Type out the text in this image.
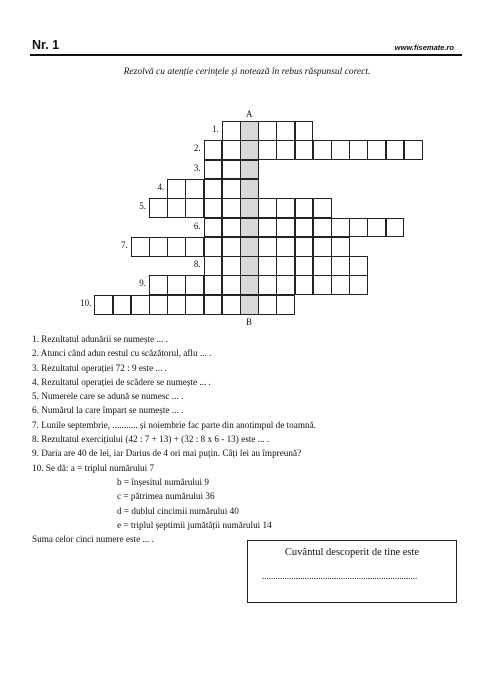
Nr. 1	www.fisemate.ro
Rezolvă cu atenție cerințele și notează în rebus răspunsul corect.
A
B
1.
2.
3.
4.
5.
6.
7.
8.
9.
10.
1. Rezultatul adunării se numește ... .
2. Atunci când adun restul cu scăzătorul, aflu ... .
3. Rezultatul operației 72 : 9 este ... .
4. Rezultatul operației de scădere se numește ... .
5. Numerele care se adună se numesc ... .
6. Numărul la care împart se numește ... .
7. Lunile septembrie, ........... și noiembrie fac parte din anotimpul de toamnă.
8. Rezultatul exercițiului (42 : 7 + 13) + (32 : 8 x 6 - 13) este ... .
9. Daria are 40 de lei, iar Darius de 4 ori mai puțin. Câți lei au împreună?
10. Se dă: a = triplul numărului 7
b = înșesitul numărului 9
c = pătrimea numărului 36
d = dublul cincimii numărului 40
e = triplul șeptimii jumătății numărului 14
Suma celor cinci numere este ... .
Cuvântul descoperit de tine este
.....................................................................
